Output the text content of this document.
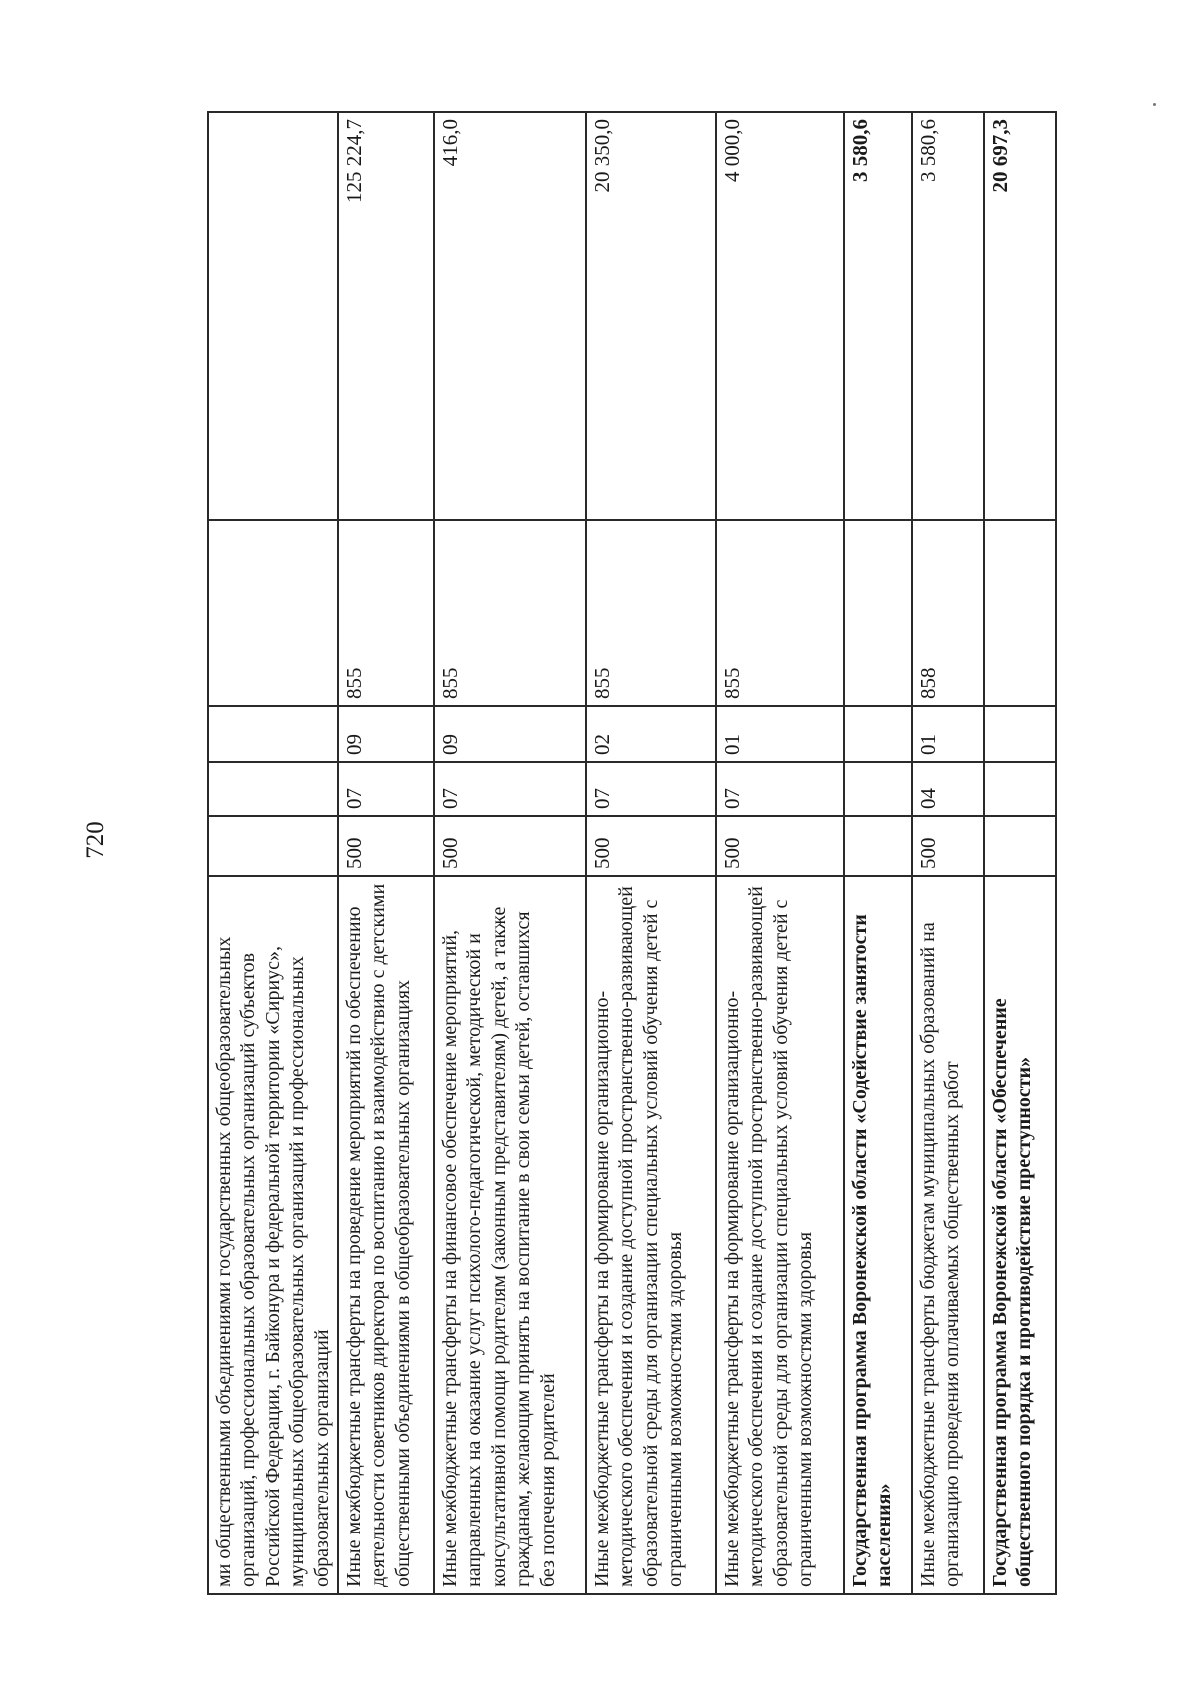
720
ми общественными объединениями государственных общеобразовательных организаций, профессиональных образовательных организаций субъектов Российской Федерации, г. Байконура и федеральной территории «Сириус», муниципальных общеобразовательных организаций и профессиональных образовательных организаций					
Иные межбюджетные трансферты на проведение мероприятий по обеспечению деятельности советников директора по воспитанию и взаимодействию с детскими общественными объединениями в общеобразовательных организациях	500	07	09	855	125 224,7
Иные межбюджетные трансферты на финансовое обеспечение мероприятий, направленных на оказание услуг психолого-педагогической, методической и консультативной помощи родителям (законным представителям) детей, а также гражданам, желающим принять на воспитание в свои семьи детей, оставшихся без попечения родителей	500	07	09	855	416,0
Иные межбюджетные трансферты на формирование организационно-методического обеспечения и создание доступной пространственно-развивающей образовательной среды для организации специальных условий обучения детей с ограниченными возможностями здоровья	500	07	02	855	20 350,0
Иные межбюджетные трансферты на формирование организационно-методического обеспечения и создание доступной пространственно-развивающей образовательной среды для организации специальных условий обучения детей с ограниченными возможностями здоровья	500	07	01	855	4 000,0
Государственная программа Воронежской области «Содействие занятости населения»					3 580,6
Иные межбюджетные трансферты бюджетам муниципальных образований на организацию проведения оплачиваемых общественных работ	500	04	01	858	3 580,6
Государственная программа Воронежской области «Обеспечение общественного порядка и противодействие преступности»					20 697,3
